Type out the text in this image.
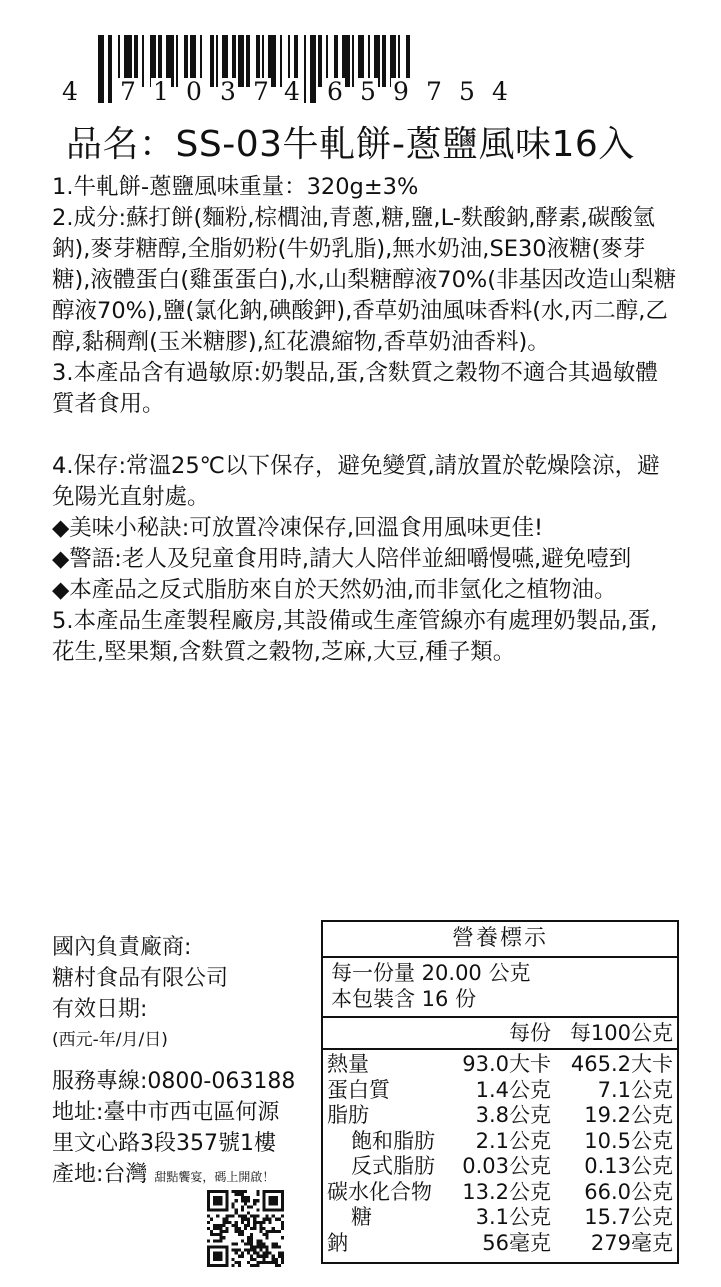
4 7 1 0 3 7 4 6 5 9 7 5 4
品名：SS-03牛軋餅-蔥鹽風味16入

1.牛軋餅-蔥鹽風味重量：320g±3%

2.成分:蘇打餅(麵粉,棕櫚油,青蔥,糖,鹽,L-麩酸鈉,酵素,碳酸氫鈉),麥芽糖醇,全脂奶粉(牛奶乳脂),無水奶油,SE30液糖(麥芽糖),液體蛋白(雞蛋蛋白),水,山梨糖醇液70%(非基因改造山梨糖醇液70%),鹽(氯化鈉,碘酸鉀),香草奶油風味香料(水,丙二醇,乙醇,黏稠劑(玉米糖膠),紅花濃縮物,香草奶油香料)。

3.本產品含有過敏原:奶製品,蛋,含麩質之穀物不適合其過敏體質者食用。

4.保存:常溫25℃以下保存，避免變質,請放置於乾燥陰涼，避免陽光直射處。

◆美味小秘訣:可放置冷凍保存,回溫食用風味更佳!

◆警語:老人及兒童食用時,請大人陪伴並細嚼慢嚥,避免噎到

◆本產品之反式脂肪來自於天然奶油,而非氫化之植物油。

5.本產品生產製程廠房,其設備或生產管線亦有處理奶製品,蛋,花生,堅果類,含麩質之穀物,芝麻,大豆,種子類。

國內負責廠商:
糖村食品有限公司
有效日期:
(西元-年/月/日)
服務專線:0800-063188
地址:臺中市西屯區何源
里文心路3段357號1樓
產地:台灣 甜點饗宴，碼上開啟！
營養標示
每一份量 20.00 公克
本包裝含 16 份
每份 每100公克
熱量	93.0大卡 465.2大卡
蛋白質	1.4公克 7.1公克
脂肪	3.8公克 19.2公克
飽和脂肪 2.1公克 10.5公克
反式脂肪 0.03公克 0.13公克
碳水化合物 13.2公克 66.0公克
糖	3.1公克 15.7公克
鈉	56毫克 279毫克
